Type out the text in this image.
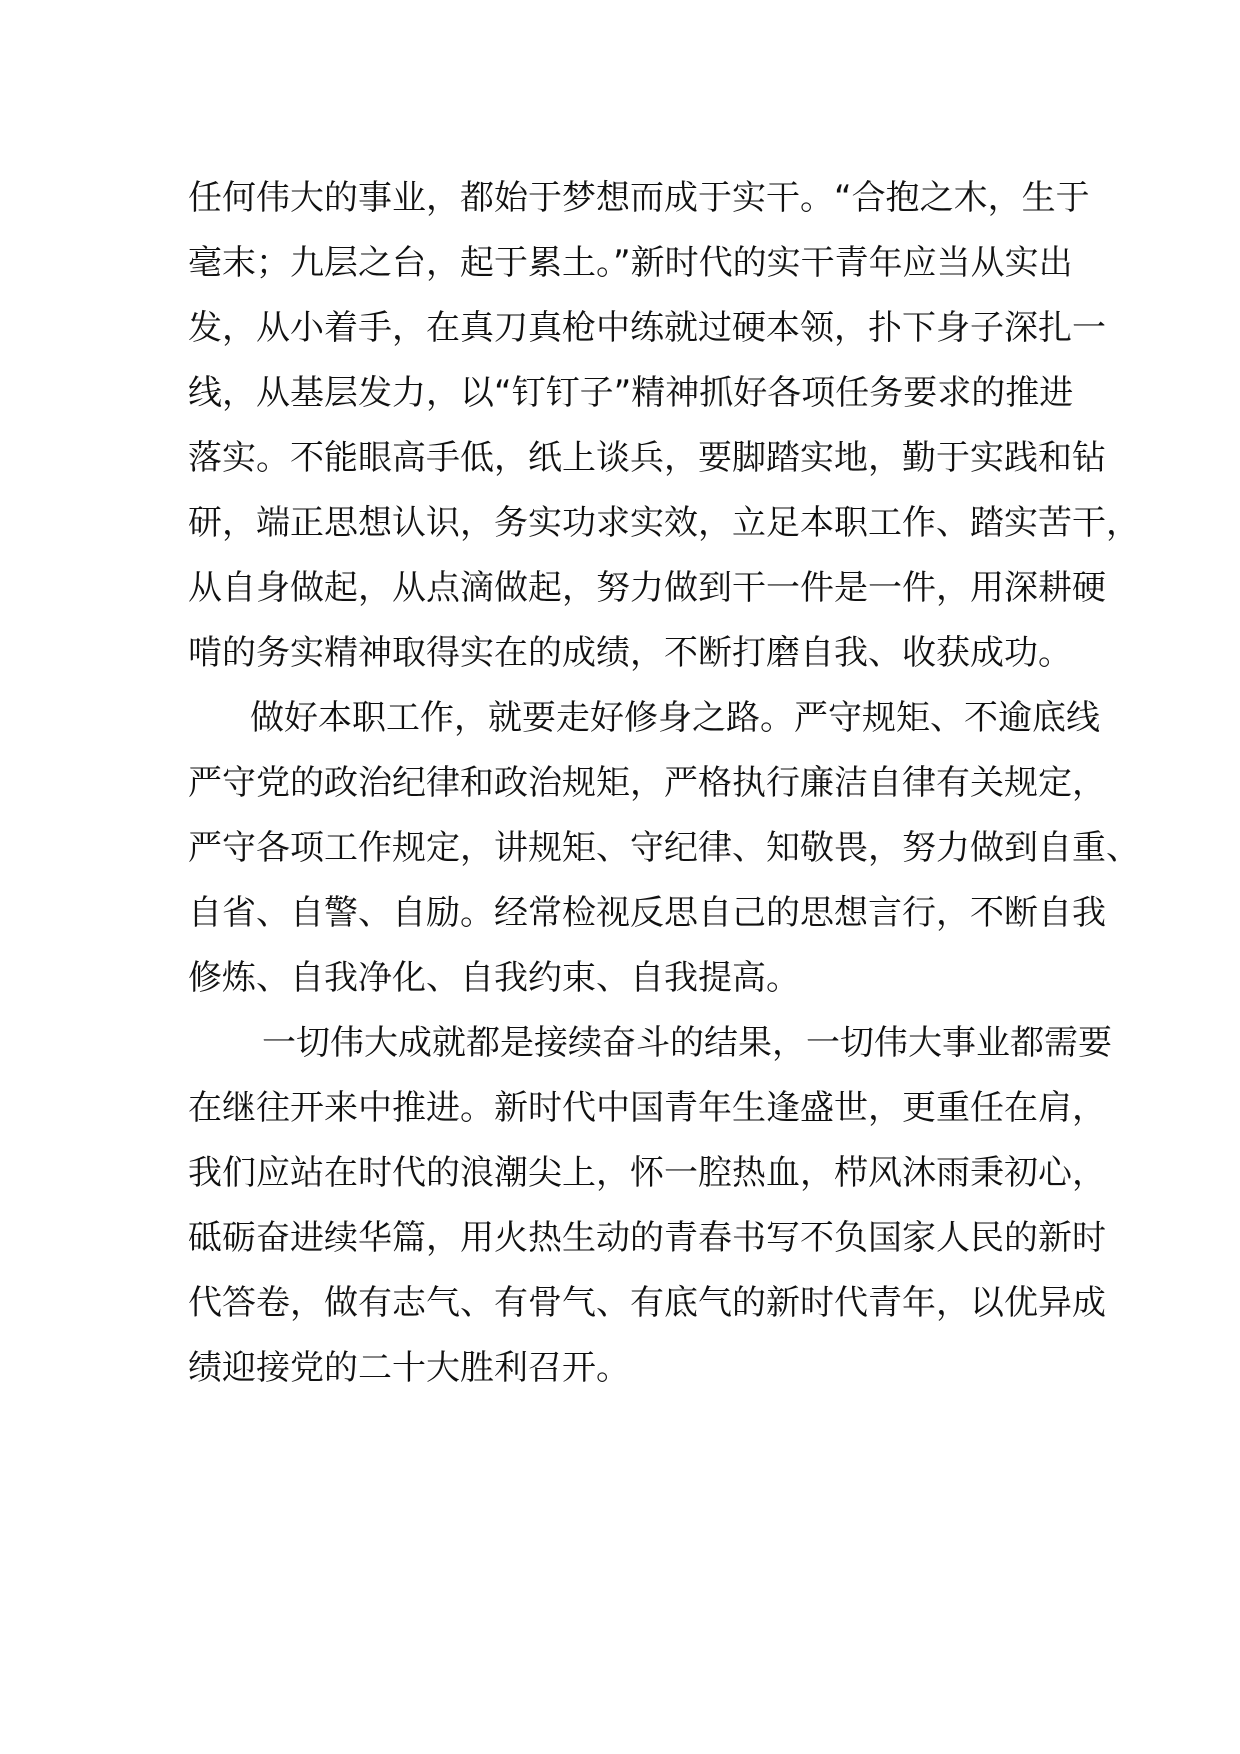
任何伟大的事业，都始于梦想而成于实干。“合抱之木，生于
毫末；九层之台，起于累土。”新时代的实干青年应当从实出
发，从小着手，在真刀真枪中练就过硬本领，扑下身子深扎一
线，从基层发力，以“钉钉子”精神抓好各项任务要求的推进
落实。不能眼高手低，纸上谈兵，要脚踏实地，勤于实践和钻
研，端正思想认识，务实功求实效，立足本职工作、踏实苦干，
从自身做起，从点滴做起，努力做到干一件是一件，用深耕硬
啃的务实精神取得实在的成绩，不断打磨自我、收获成功。
做好本职工作，就要走好修身之路。严守规矩、不逾底线
严守党的政治纪律和政治规矩，严格执行廉洁自律有关规定，
严守各项工作规定，讲规矩、守纪律、知敬畏，努力做到自重、
自省、自警、自励。经常检视反思自己的思想言行，不断自我
修炼、自我净化、自我约束、自我提高。
一切伟大成就都是接续奋斗的结果，一切伟大事业都需要
在继往开来中推进。新时代中国青年生逢盛世，更重任在肩，
我们应站在时代的浪潮尖上，怀一腔热血，栉风沐雨秉初心，
砥砺奋进续华篇，用火热生动的青春书写不负国家人民的新时
代答卷，做有志气、有骨气、有底气的新时代青年，以优异成
绩迎接党的二十大胜利召开。
